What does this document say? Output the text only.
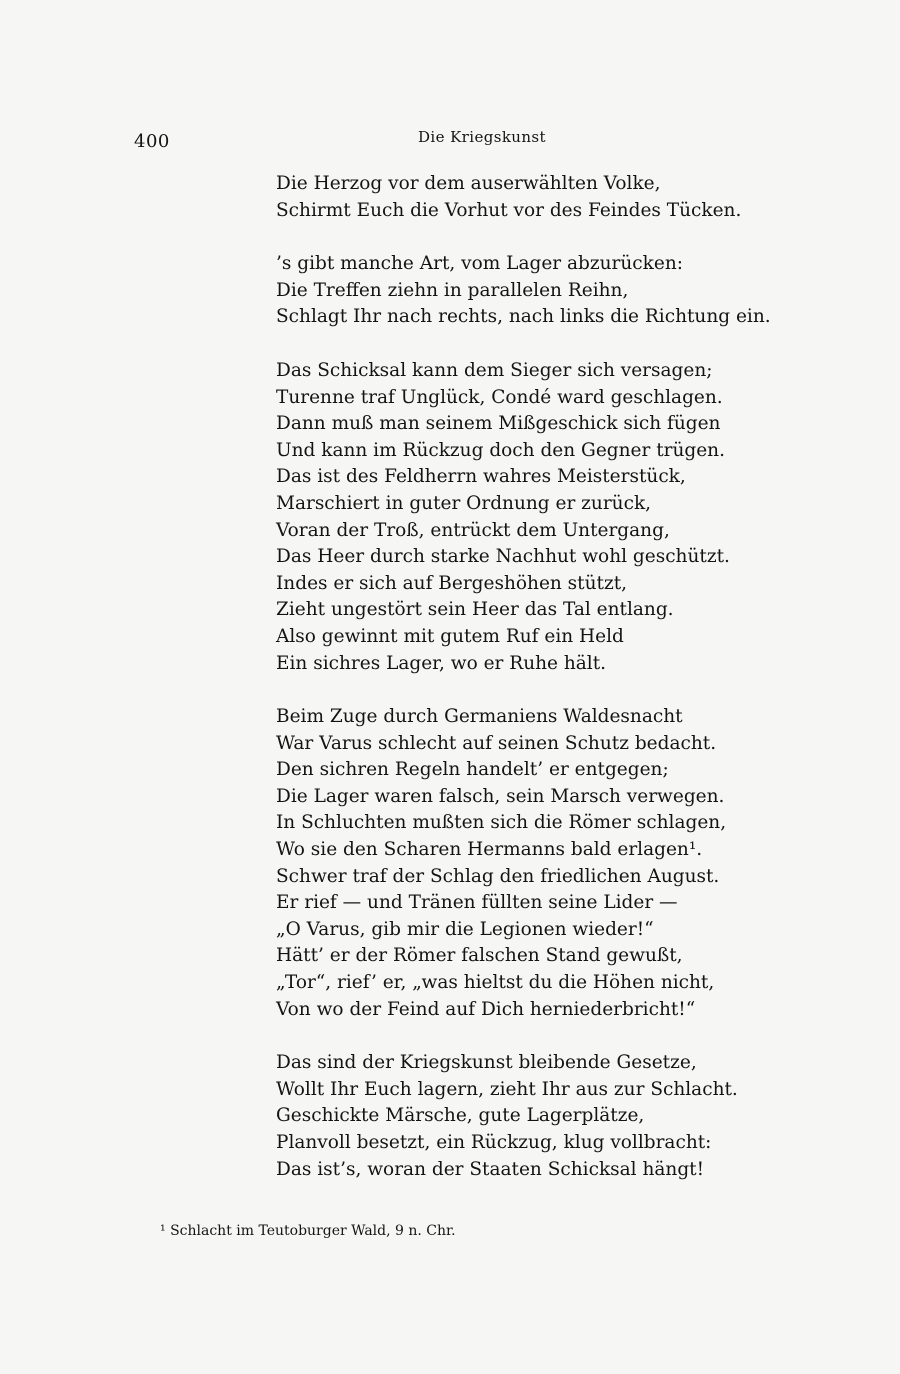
400	Die Kriegskunst
Die Herzog vor dem auserwählten Volke,
Schirmt Euch die Vorhut vor des Feindes Tücken.
’s gibt manche Art, vom Lager abzurücken:
Die Treffen ziehn in parallelen Reihn,
Schlagt Ihr nach rechts, nach links die Richtung ein.
Das Schicksal kann dem Sieger sich versagen;
Turenne traf Unglück, Condé ward geschlagen.
Dann muß man seinem Mißgeschick sich fügen
Und kann im Rückzug doch den Gegner trügen.
Das ist des Feldherrn wahres Meisterstück,
Marschiert in guter Ordnung er zurück,
Voran der Troß, entrückt dem Untergang,
Das Heer durch starke Nachhut wohl geschützt.
Indes er sich auf Bergeshöhen stützt,
Zieht ungestört sein Heer das Tal entlang.
Also gewinnt mit gutem Ruf ein Held
Ein sichres Lager, wo er Ruhe hält.
Beim Zuge durch Germaniens Waldesnacht
War Varus schlecht auf seinen Schutz bedacht.
Den sichren Regeln handelt’ er entgegen;
Die Lager waren falsch, sein Marsch verwegen.
In Schluchten mußten sich die Römer schlagen,
Wo sie den Scharen Hermanns bald erlagen¹.
Schwer traf der Schlag den friedlichen August.
Er rief — und Tränen füllten seine Lider —
„O Varus, gib mir die Legionen wieder!“
Hätt’ er der Römer falschen Stand gewußt,
„Tor“, rief’ er, „was hieltst du die Höhen nicht,
Von wo der Feind auf Dich herniederbricht!“
Das sind der Kriegskunst bleibende Gesetze,
Wollt Ihr Euch lagern, zieht Ihr aus zur Schlacht.
Geschickte Märsche, gute Lagerplätze,
Planvoll besetzt, ein Rückzug, klug vollbracht:
Das ist’s, woran der Staaten Schicksal hängt!
¹ Schlacht im Teutoburger Wald, 9 n. Chr.
